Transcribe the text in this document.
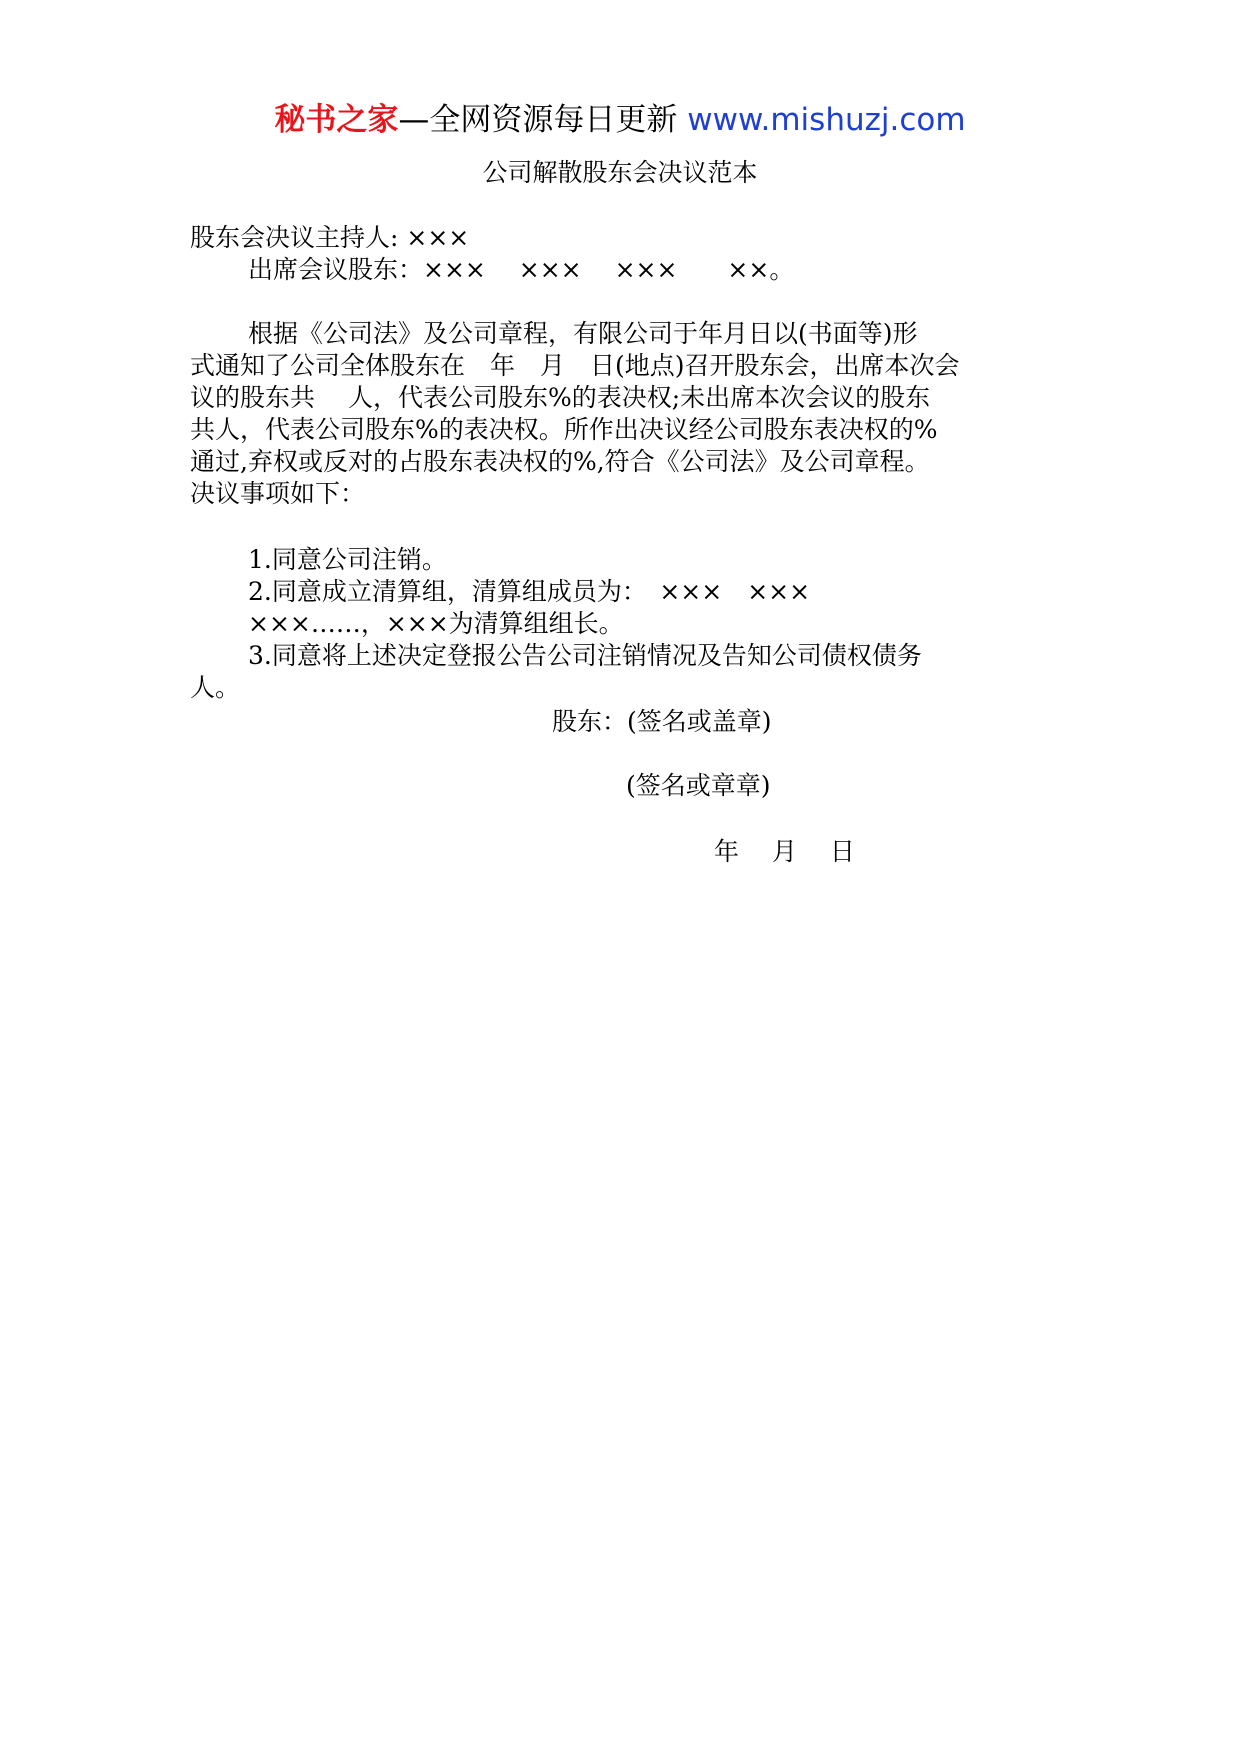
秘书之家—全网资源每日更新 www.mishuzj.com
公司解散股东会决议范本
股东会决议主持人: ×××
出席会议股东：×××　 ×××　 ×××　　××。
根据《公司法》及公司章程，有限公司于年月日以(书面等)形
式通知了公司全体股东在　年　月　日(地点)召开股东会，出席本次会
议的股东共　 人，代表公司股东%的表决权;未出席本次会议的股东
共人，代表公司股东%的表决权。所作出决议经公司股东表决权的%
通过,弃权或反对的占股东表决权的%,符合《公司法》及公司章程。
决议事项如下：
1.同意公司注销。
2.同意成立清算组，清算组成员为：　×××　×××
×××……，×××为清算组组长。
3.同意将上述决定登报公告公司注销情况及告知公司债权债务
人。
股东：(签名或盖章)
(签名或章章)
年　 月　 日
